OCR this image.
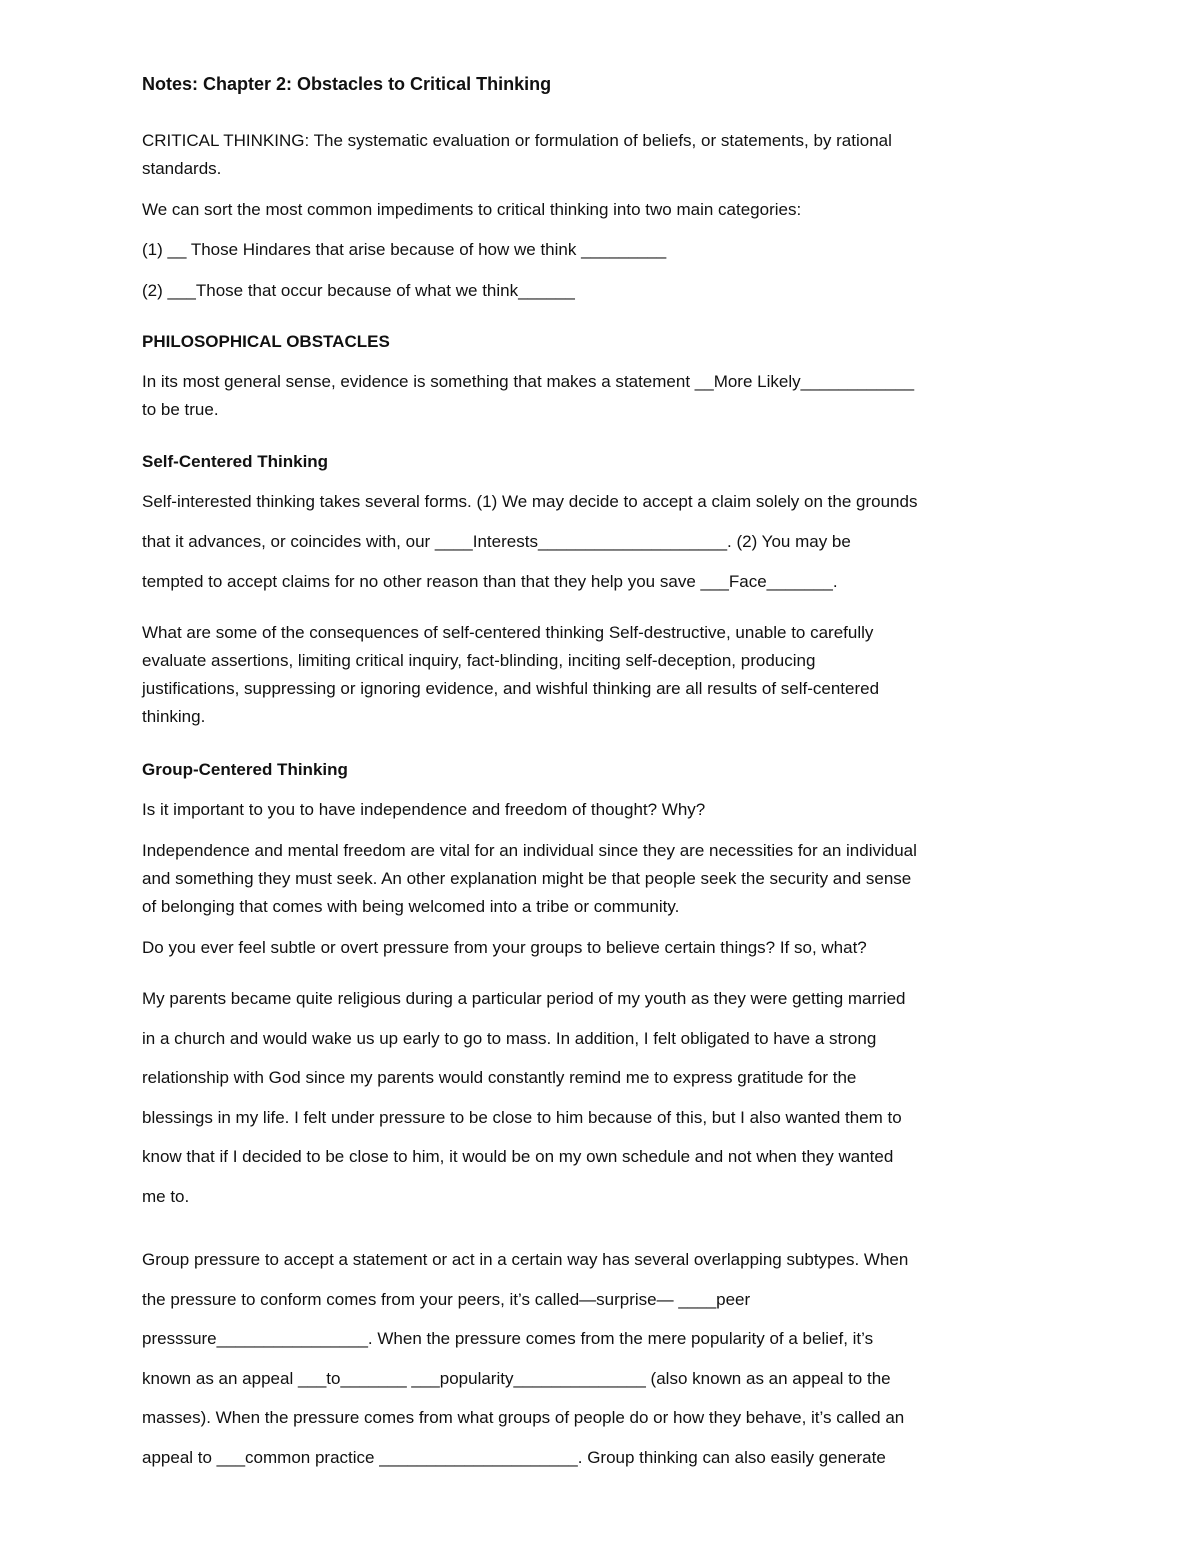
Notes: Chapter 2: Obstacles to Critical Thinking

CRITICAL THINKING: The systematic evaluation or formulation of beliefs, or statements, by rational

standards.

We can sort the most common impediments to critical thinking into two main categories:

(1) __ Those Hindares that arise because of how we think _________

(2) ___Those that occur because of what we think______

PHILOSOPHICAL OBSTACLES

In its most general sense, evidence is something that makes a statement __More Likely____________

to be true.

Self-Centered Thinking

Self-interested thinking takes several forms. (1) We may decide to accept a claim solely on the grounds

that it advances, or coincides with, our ____Interests____________________. (2) You may be

tempted to accept claims for no other reason than that they help you save ___Face_______.

What are some of the consequences of self-centered thinking Self-destructive, unable to carefully

evaluate assertions, limiting critical inquiry, fact-blinding, inciting self-deception, producing

justifications, suppressing or ignoring evidence, and wishful thinking are all results of self-centered

thinking.

Group-Centered Thinking

Is it important to you to have independence and freedom of thought? Why?

Independence and mental freedom are vital for an individual since they are necessities for an individual

and something they must seek. An other explanation might be that people seek the security and sense

of belonging that comes with being welcomed into a tribe or community.

Do you ever feel subtle or overt pressure from your groups to believe certain things? If so, what?

My parents became quite religious during a particular period of my youth as they were getting married

in a church and would wake us up early to go to mass. In addition, I felt obligated to have a strong

relationship with God since my parents would constantly remind me to express gratitude for the

blessings in my life. I felt under pressure to be close to him because of this, but I also wanted them to

know that if I decided to be close to him, it would be on my own schedule and not when they wanted

me to.

Group pressure to accept a statement or act in a certain way has several overlapping subtypes. When

the pressure to conform comes from your peers, it’s called—surprise— ____peer

presssure________________. When the pressure comes from the mere popularity of a belief, it’s

known as an appeal ___to_______ ___popularity______________ (also known as an appeal to the

masses). When the pressure comes from what groups of people do or how they behave, it’s called an

appeal to ___common practice _____________________. Group thinking can also easily generate
